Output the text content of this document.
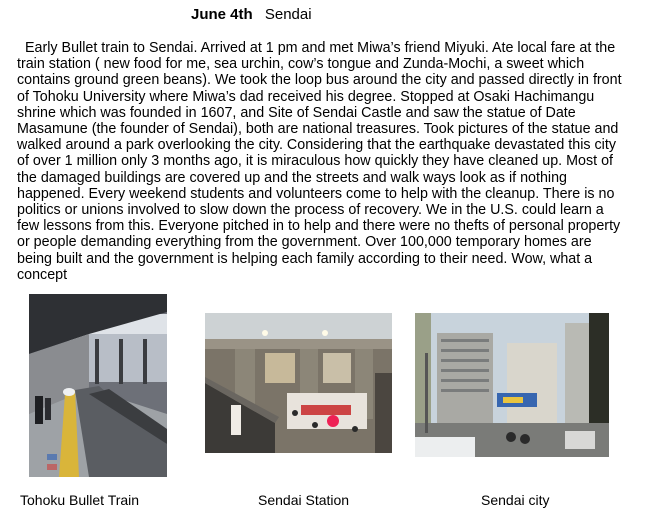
June 4th Sendai

Early Bullet train to Sendai. Arrived at 1 pm and met Miwa’s friend Miyuki. Ate local fare at the train station ( new food for me, sea urchin, cow’s tongue and Zunda-Mochi, a sweet which contains ground green beans). We took the loop bus around the city and passed directly in front of Tohoku University where Miwa’s dad received his degree. Stopped at Osaki Hachimangu shrine which was founded in 1607, and Site of Sendai Castle and saw the statue of Date Masamune (the founder of Sendai), both are national treasures. Took pictures of the statue and walked around a park overlooking the city. Considering that the earthquake devastated this city of over 1 million only 3 months ago, it is miraculous how quickly they have cleaned up. Most of the damaged buildings are covered up and the streets and walk ways look as if nothing happened. Every weekend students and volunteers come to help with the cleanup. There is no politics or unions involved to slow down the process of recovery. We in the U.S. could learn a few lessons from this. Everyone pitched in to help and there were no thefts of personal property or people demanding everything from the government. Over 100,000 temporary homes are being built and the government is helping each family according to their need. Wow, what a concept

Tohoku Bullet Train	Sendai Station	Sendai city
